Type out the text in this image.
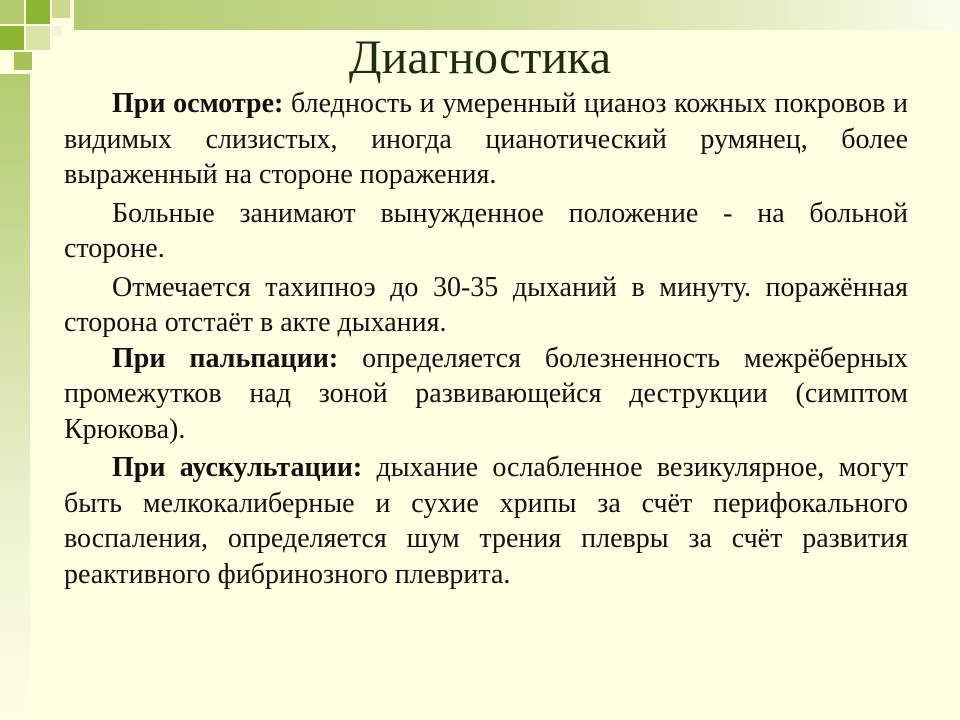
Диагностика

При осмотре: бледность и умеренный цианоз кожных покровов и видимых слизистых, иногда цианотический румянец, более выраженный на стороне поражения.

Больные занимают вынужденное положение - на больной стороне.

Отмечается тахипноэ до 30-35 дыханий в минуту. поражённая сторона отстаёт в акте дыхания.

При пальпации: определяется болезненность межрёберных промежутков над зоной развивающейся деструкции (симптом Крюкова).

При аускультации: дыхание ослабленное везикулярное, могут быть мелкокалиберные и сухие хрипы за счёт перифокального воспаления, определяется шум трения плевры за счёт развития реактивного фибринозного плеврита.
